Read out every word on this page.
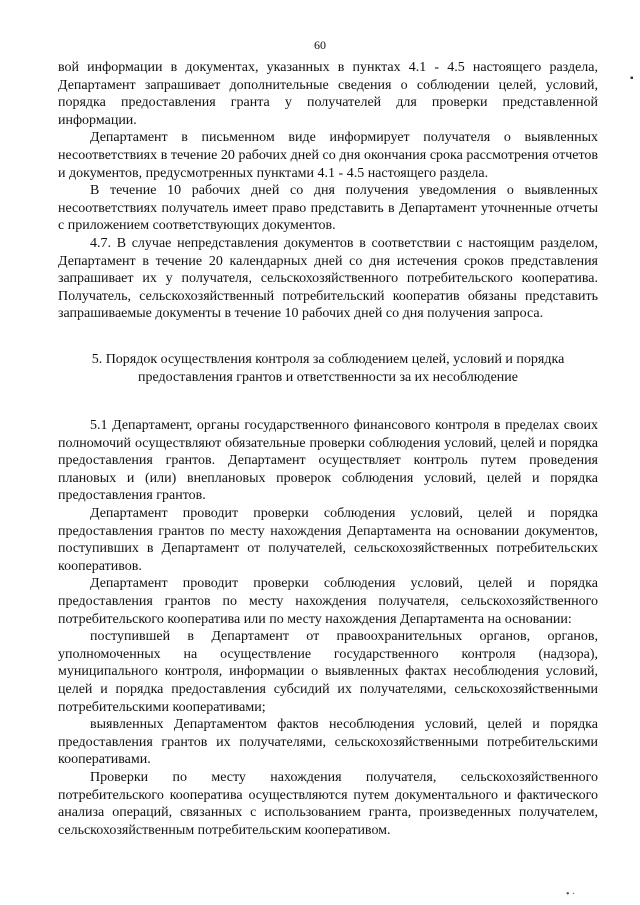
60
▪

вой информации в документах, указанных в пунктах 4.1 - 4.5 настоящего раздела, Департамент запрашивает дополнительные сведения о соблюдении целей, условий, порядка предоставления гранта у получателей для проверки представленной информации.

Департамент в письменном виде информирует получателя о выявленных несоответствиях в течение 20 рабочих дней со дня окончания срока рассмотрения отчетов и документов, предусмотренных пунктами 4.1 - 4.5 настоящего раздела.

В течение 10 рабочих дней со дня получения уведомления о выявленных несоответствиях получатель имеет право представить в Департамент уточненные отчеты с приложением соответствующих документов.

4.7. В случае непредставления документов в соответствии с настоящим разделом, Департамент в течение 20 календарных дней со дня истечения сроков представления запрашивает их у получателя, сельскохозяйственного потребительского кооператива. Получатель, сельскохозяйственный потребительский кооператив обязаны представить запрашиваемые документы в течение 10 рабочих дней со дня получения запроса.

5. Порядок осуществления контроля за соблюдением целей, условий и порядка предоставления грантов и ответственности за их несоблюдение

5.1 Департамент, органы государственного финансового контроля в пределах своих полномочий осуществляют обязательные проверки соблюдения условий, целей и порядка предоставления грантов. Департамент осуществляет контроль путем проведения плановых и (или) внеплановых проверок соблюдения условий, целей и порядка предоставления грантов.

Департамент проводит проверки соблюдения условий, целей и порядка предоставления грантов по месту нахождения Департамента на основании документов, поступивших в Департамент от получателей, сельскохозяйственных потребительских кооперативов.

Департамент проводит проверки соблюдения условий, целей и порядка предоставления грантов по месту нахождения получателя, сельскохозяйственного потребительского кооператива или по месту нахождения Департамента на основании:

поступившей в Департамент от правоохранительных органов, органов, уполномоченных на осуществление государственного контроля (надзора), муниципального контроля, информации о выявленных фактах несоблюдения условий, целей и порядка предоставления субсидий их получателями, сельскохозяйственными потребительскими кооперативами;

выявленных Департаментом фактов несоблюдения условий, целей и порядка предоставления грантов их получателями, сельскохозяйственными потребительскими кооперативами.

Проверки по месту нахождения получателя, сельскохозяйственного потребительского кооператива осуществляются путем документального и фактического анализа операций, связанных с использованием гранта, произведенных получателем, сельскохозяйственным потребительским кооперативом.

• ·
